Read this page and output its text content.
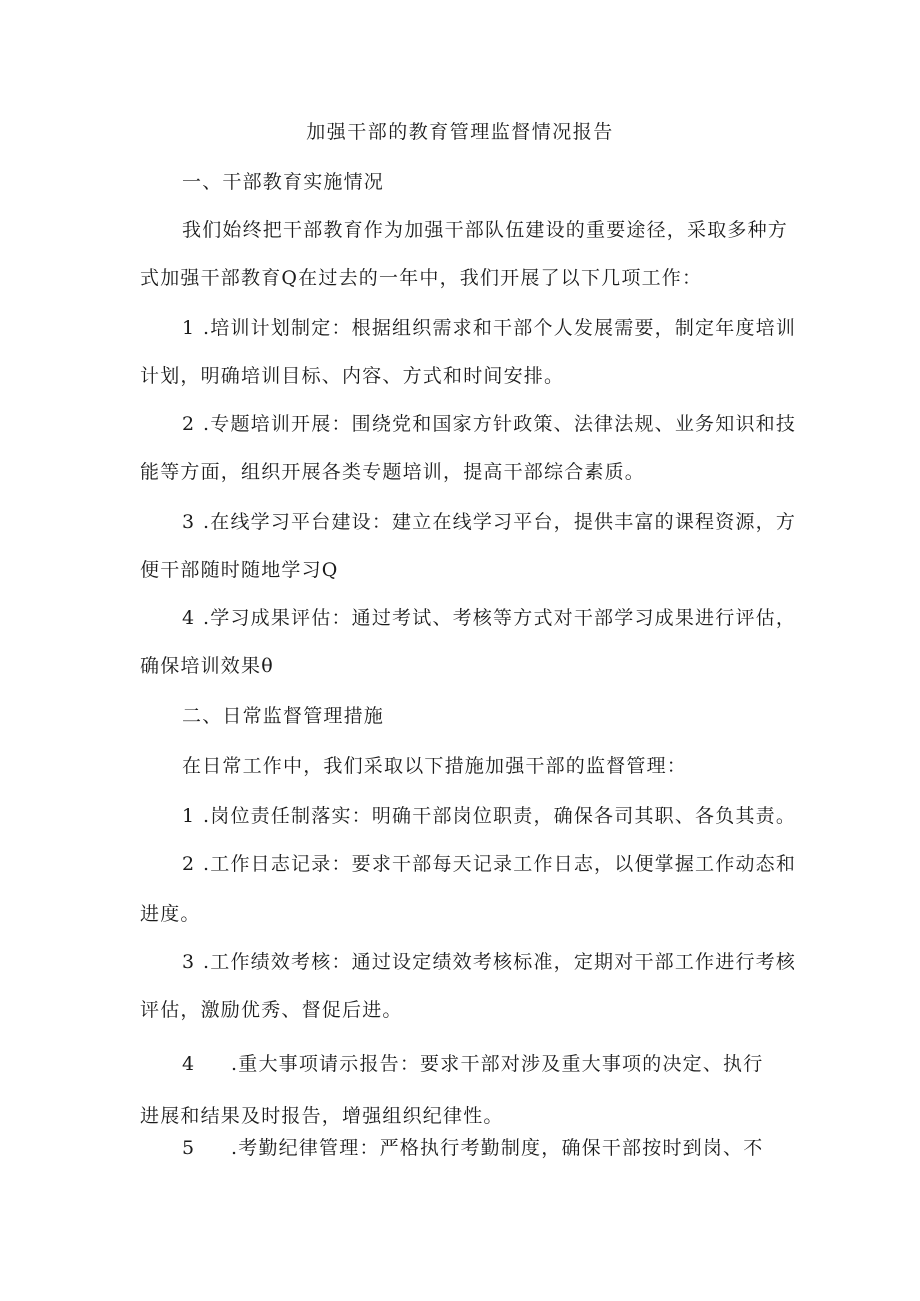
加强干部的教育管理监督情况报告
一、干部教育实施情况
我们始终把干部教育作为加强干部队伍建设的重要途径，采取多种方
式加强干部教育Q在过去的一年中，我们开展了以下几项工作：
1 .培训计划制定：根据组织需求和干部个人发展需要，制定年度培训
计划，明确培训目标、内容、方式和时间安排。
2 .专题培训开展：围绕党和国家方针政策、法律法规、业务知识和技
能等方面，组织开展各类专题培训，提高干部综合素质。
3 .在线学习平台建设：建立在线学习平台，提供丰富的课程资源，方
便干部随时随地学习Q
4 .学习成果评估：通过考试、考核等方式对干部学习成果进行评估，
确保培训效果θ
二、日常监督管理措施
在日常工作中，我们采取以下措施加强干部的监督管理：
1 .岗位责任制落实：明确干部岗位职责，确保各司其职、各负其责。
2 .工作日志记录：要求干部每天记录工作日志，以便掌握工作动态和
进度。
3 .工作绩效考核：通过设定绩效考核标准，定期对干部工作进行考核
评估，激励优秀、督促后进。
4 .重大事项请示报告：要求干部对涉及重大事项的决定、执行
进展和结果及时报告，增强组织纪律性。
5 .考勤纪律管理：严格执行考勤制度，确保干部按时到岗、不
